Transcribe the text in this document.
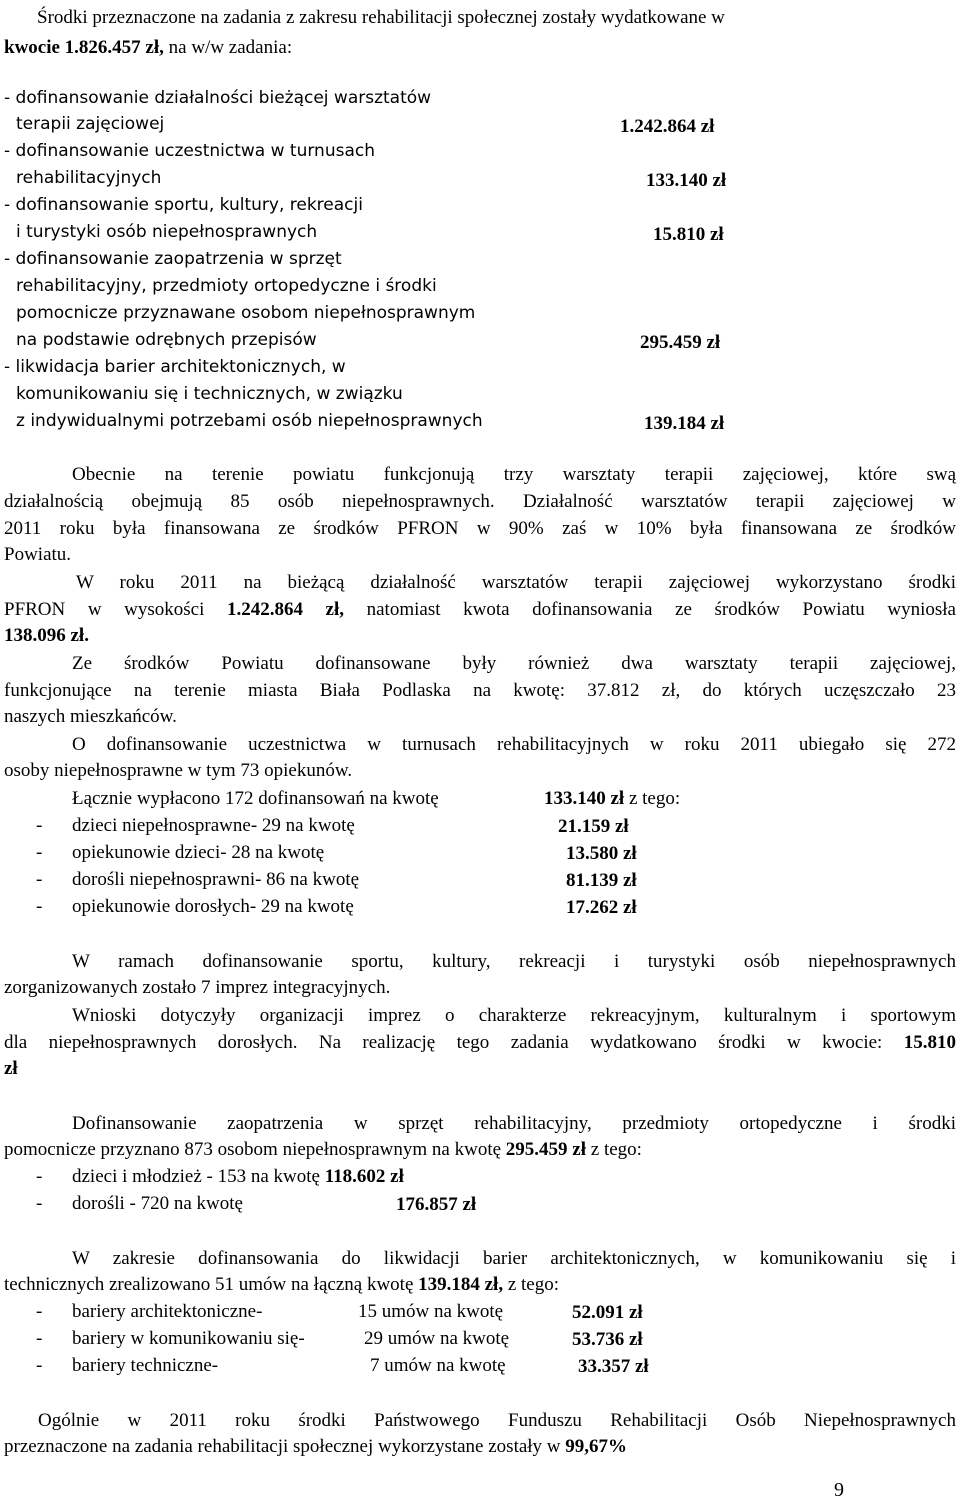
Środki przeznaczone na zadania z zakresu rehabilitacji społecznej zostały wydatkowane w
kwocie 1.826.457 zł, na w/w zadania:
- dofinansowanie działalności bieżącej warsztatów
terapii zajęciowej	1.242.864 zł
- dofinansowanie uczestnictwa w turnusach
rehabilitacyjnych	133.140 zł
- dofinansowanie sportu, kultury, rekreacji
i turystyki osób niepełnosprawnych	15.810 zł
- dofinansowanie zaopatrzenia w sprzęt
rehabilitacyjny, przedmioty ortopedyczne i środki
pomocnicze przyznawane osobom niepełnosprawnym
na podstawie odrębnych przepisów	295.459 zł
- likwidacja barier architektonicznych, w
komunikowaniu się i technicznych, w związku
z indywidualnymi potrzebami osób niepełnosprawnych	139.184 zł
Obecnie na terenie powiatu funkcjonują trzy warsztaty terapii zajęciowej, które swą
działalnością obejmują 85 osób niepełnosprawnych. Działalność warsztatów terapii zajęciowej w
2011 roku była finansowana ze środków PFRON w 90% zaś w 10% była finansowana ze środków
Powiatu.
W roku 2011 na bieżącą działalność warsztatów terapii zajęciowej wykorzystano środki
PFRON w wysokości 1.242.864 zł, natomiast kwota dofinansowania ze środków Powiatu wyniosła
138.096 zł.
Ze środków Powiatu dofinansowane były również dwa warsztaty terapii zajęciowej,
funkcjonujące na terenie miasta Biała Podlaska na kwotę: 37.812 zł, do których uczęszczało 23
naszych mieszkańców.
O dofinansowanie uczestnictwa w turnusach rehabilitacyjnych w roku 2011 ubiegało się 272
osoby niepełnosprawne w tym 73 opiekunów.
Łącznie wypłacono 172 dofinansowań na kwotę	133.140 zł z tego:
- dzieci niepełnosprawne- 29 na kwotę	21.159 zł
- opiekunowie dzieci- 28 na kwotę	13.580 zł
- dorośli niepełnosprawni- 86 na kwotę	81.139 zł
- opiekunowie dorosłych- 29 na kwotę	17.262 zł
W ramach dofinansowanie sportu, kultury, rekreacji i turystyki osób niepełnosprawnych
zorganizowanych zostało 7 imprez integracyjnych.
Wnioski dotyczyły organizacji imprez o charakterze rekreacyjnym, kulturalnym i sportowym
dla niepełnosprawnych dorosłych. Na realizację tego zadania wydatkowano środki w kwocie: 15.810
zł
Dofinansowanie zaopatrzenia w sprzęt rehabilitacyjny, przedmioty ortopedyczne i środki
pomocnicze przyznano 873 osobom niepełnosprawnym na kwotę 295.459 zł z tego:
- dzieci i młodzież - 153 na kwotę 118.602 zł
- dorośli - 720 na kwotę	176.857 zł
W zakresie dofinansowania do likwidacji barier architektonicznych, w komunikowaniu się i
technicznych zrealizowano 51 umów na łączną kwotę 139.184 zł, z tego:
- bariery architektoniczne-	15 umów na kwotę	52.091 zł
- bariery w komunikowaniu się-	29 umów na kwotę	53.736 zł
- bariery techniczne-	7 umów na kwotę	33.357 zł
Ogólnie w 2011 roku środki Państwowego Funduszu Rehabilitacji Osób Niepełnosprawnych
przeznaczone na zadania rehabilitacji społecznej wykorzystane zostały w 99,67%
9
